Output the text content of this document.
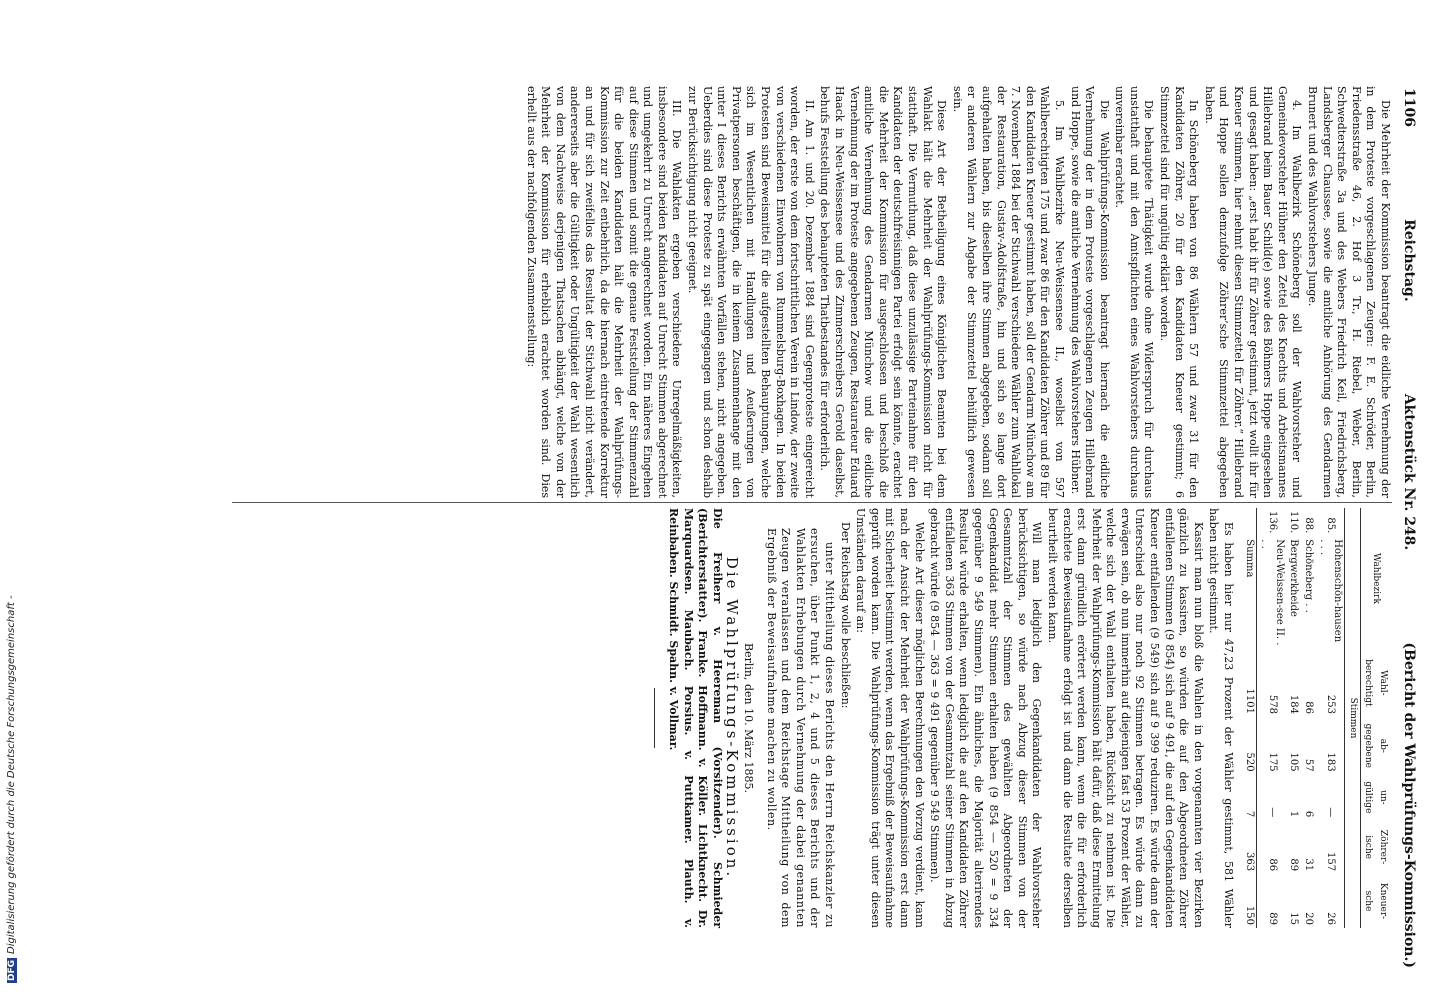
1106
Reichstag.
Aktenstück Nr. 248.
(Bericht der Wahlprüfungs-Kommission.)

Die Mehrheit der Kommission beantragt die eidliche Vernehmung der in dem Proteste vorgeschlagenen Zeugen: F. E. Schröder, Berlin, Friedensstraße 46, 2. Hof 3 Tr., H. Riebel, Weber, Berlin, Schwedterstraße 3a und des Webers Friedrich Keil, Friedrichsberg, Landsberger Chaussee, sowie die amtliche Anhörung des Gendarmen Brunert und des Wahlvorstehers Junge.

4. Im Wahlbezirk Schöneberg soll der Wahlvorsteher und Gemeindevorsteher Hübner den Zettel des Knechts und Arbeitsmannes Hillebrand beim Bauer Schild(e) sowie des Böhmers Hoppe eingesehen und gesagt haben: „erst habt ihr für Zöhrer gestimmt, jetzt wollt ihr für Kneuer stimmen, hier nehmt diesen Stimmzettel für Zöhrer.“ Hillebrand und Hoppe sollen demzufolge Zöhrer’sche Stimmzettel abgegeben haben.

In Schöneberg haben von 86 Wählern 57 und zwar 31 für den Kandidaten Zöhrer, 20 für den Kandidaten Kneuer gestimmt; 6 Stimmzettel sind für ungültig erklärt worden.

Die behauptete Thätigkeit wurde ohne Widerspruch für durchaus unstatthaft und mit den Amtspflichten eines Wahlvorstehers durchaus unvereinbar erachtet.

Die Wahlprüfungs-Kommission beantragt hiernach die eidliche Vernehmung der in dem Proteste vorgeschlagenen Zeugen Hillebrand und Hoppe, sowie die amtliche Vernehmung des Wahlvorstehers Hübner.

5. Im Wahlbezirke Neu-Weissensee II., woselbst von 597 Wahlberechtigten 175 und zwar 86 für den Kandidaten Zöhrer und 89 für den Kandidaten Kneuer gestimmt haben, soll der Gendarm Münchow am 7. November 1884 bei der Stichwahl verschiedene Wähler zum Wahllokal der Restauration, Gustav-Adolfstraße, hin und sich so lange dort aufgehalten haben, bis dieselben ihre Stimmen abgegeben, sodann soll er anderen Wählern zur Abgabe der Stimmzettel behülflich gewesen sein.

Diese Art der Betheiligung eines Königlichen Beamten bei dem Wahlakt hält die Mehrheit der Wahlprüfungs-Kommission nicht für statthaft. Die Vermuthung, daß diese unzulässige Parteinahme für den Kandidaten der deutschfreisinnigen Partei erfolgt sein könnte, erachtet die Mehrheit der Kommission für ausgeschlossen und beschloß die amtliche Vernehmung des Gendarmen Münchow und die eidliche Vernehmung der im Proteste angegebenen Zeugen, Restaurateur Eduard Haack in Neu-Weissensee und des Zimmerschreibers Gerold daselbst, behufs Feststellung des behaupteten Thatbestandes für erforderlich.

II. Am 1. und 20. Dezember 1884 sind Gegenproteste eingereicht worden, der erste von dem fortschrittlichen Verein in Lindow, der zweite von verschiedenen Einwohnern von Rummelsburg-Boxhagen. In beiden Protesten sind Beweismittel für die aufgestellten Behauptungen, welche sich im Wesentlichen mit Handlungen und Aeußerungen von Privatpersonen beschäftigen, die in keinem Zusammenhange mit den unter I dieses Berichts erwähnten Vorfällen stehen, nicht angegeben. Ueberdies sind diese Proteste zu spät eingegangen und schon deshalb zur Berücksichtigung nicht geeignet.

III. Die Wahlakten ergeben verschiedene Unregelmäßigkeiten, insbesondere sind beiden Kandidaten auf Unrecht Stimmen abgerechnet und umgekehrt zu Unrecht angerechnet worden. Ein näheres Eingehen auf diese Stimmen und somit die genaue Feststellung der Stimmenzahl für die beiden Kandidaten hält die Mehrheit der Wahlprüfungs-Kommission zur Zeit entbehrlich, da die hiernach eintretende Korrektur an und für sich zweifellos das Resultat der Stichwahl nicht verändert, andererseits aber die Gültigkeit oder Ungültigkeit der Wahl wesentlich von dem Nachweise derjenigen Thatsachen abhängt, welche von der Mehrheit der Kommission für erheblich erachtet worden sind. Dies erhellt aus der nachfolgenden Zusammenstellung:

Wahlbezirk		Wahl-berechtigt	ab-gegebene	un-gültige	Zöhrer-ische	Kneuer-sche
Stimmen						
85.	Hohenschön-hausen . . .	253	183	—	157	26
88.	Schöneberg . .	86	57	6	31	20
110.	Bergwerkheide	184	105	1	89	15
136.	Neu-Weissen-see II. . . .	578	175	—	86	89
	Summa	1101	520	7	363	150

Es haben hier nur 47,23 Prozent der Wähler gestimmt, 581 Wähler haben nicht gestimmt.

Kassirt man nun bloß die Wahlen in den vorgenannten vier Bezirken gänzlich zu kassiren, so würden die auf den Abgeordneten Zöhrer entfallenen Stimmen (9 854) sich auf 9 491, die auf den Gegenkandidaten Kneuer entfallenden (9 549) sich auf 9 399 reduziren. Es würde dann der Unterschied also nur noch 92 Stimmen betragen. Es würde dann zu erwägen sein, ob nun immerhin auf diejenigen fast 53 Prozent der Wähler, welche sich der Wahl enthalten haben, Rücksicht zu nehmen ist. Die Mehrheit der Wahlprüfungs-Kommission hält dafür, daß diese Ermittelung erst dann gründlich erörtert werden kann, wenn die für erforderlich erachtete Beweisaufnahme erfolgt ist und dann die Resultate derselben beurtheilt werden kann.

Will man lediglich den Gegenkandidaten der Wahlvorsteher berücksichtigen, so würde nach Abzug dieser Stimmen von der Gesammtzahl der Stimmen des gewählten Abgeordneten der Gegenkandidat mehr Stimmen erhalten haben (9 854 — 520 = 9 334 gegenüber 9 549 Stimmen). Ein ähnliches, die Majorität alterirendes Resultat würde erhalten, wenn lediglich die auf den Kandidaten Zöhrer entfallenen 363 Stimmen von der Gesammtzahl seiner Stimmen in Abzug gebracht würde (9 854 — 363 = 9 491 gegenüber 9 549 Stimmen).

Welche Art dieser möglichen Berechnungen den Vorzug verdient, kann nach der Ansicht der Mehrheit der Wahlprüfungs-Kommission erst dann mit Sicherheit bestimmt werden, wenn das Ergebniß der Beweisaufnahme geprüft worden kann. Die Wahlprüfungs-Kommission trägt unter diesen Umständen darauf an:

Der Reichstag wolle beschließen:

unter Mittheilung dieses Berichts den Herrn Reichskanzler zu ersuchen, über Punkt 1, 2, 4 und 5 dieses Berichts und der Wahlakten Erhebungen durch Vernehmung der dabei genannten Zeugen veranlassen und dem Reichstage Mittheilung von dem Ergebniß der Beweisaufnahme machen zu wollen.

Berlin, den 10. März 1885.

Die Wahlprüfungs-Kommission.

Die Freiherr v. Heereman (Vorsitzender). Schmieder (Berichterstatter). Franke. Hoffmann. v. Köller. Lichtknecht. Dr. Marquardsen. Maubach. Porsius. v. Puttkamer. Plauth. v. Reinbaben. Schmidt. Spahn. v. Vollmar.

DFGDigitalisierung gefördert durch die Deutsche Forschungsgemeinschaft -
